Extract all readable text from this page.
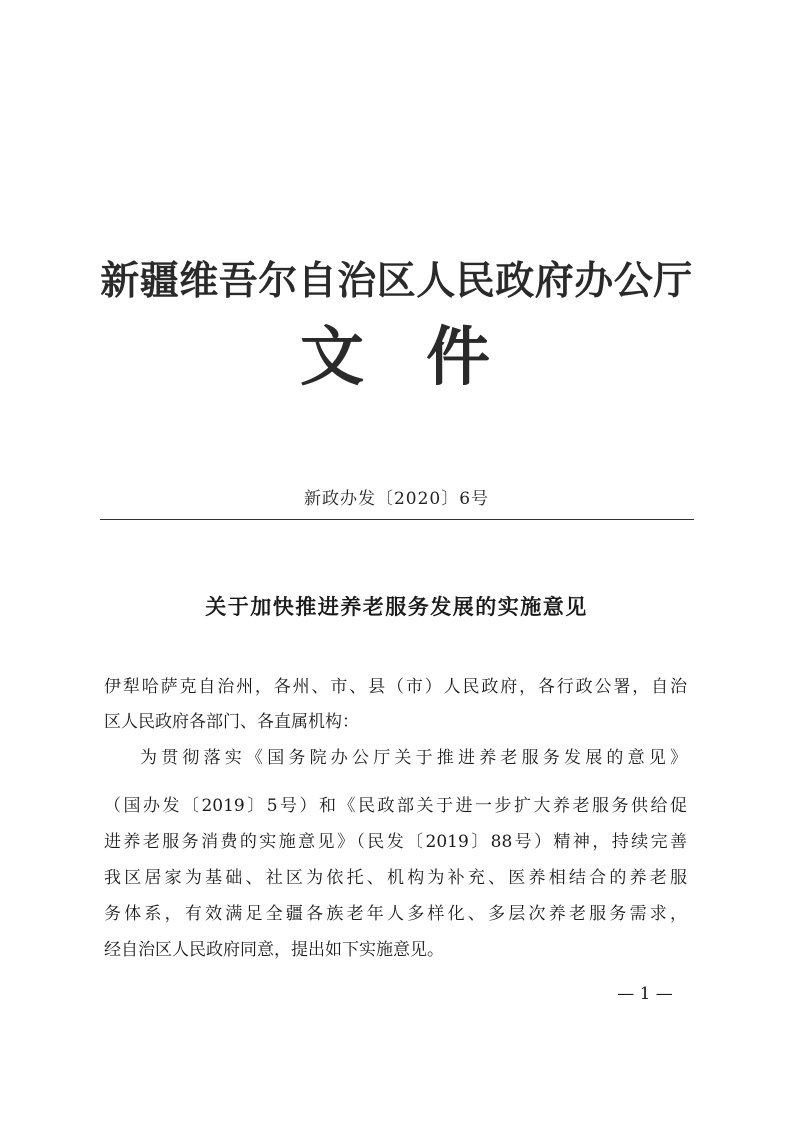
新疆维吾尔自治区人民政府办公厅
文 件
新政办发〔2020〕6号
关于加快推进养老服务发展的实施意见
伊犁哈萨克自治州，各州、市、县（市）人民政府，各行政公署，自治
区人民政府各部门、各直属机构：
为贯彻落实《国务院办公厅关于推进养老服务发展的意见》
（国办发〔2019〕5号）和《民政部关于进一步扩大养老服务供给促
进养老服务消费的实施意见》（民发〔2019〕88号）精神，持续完善
我区居家为基础、社区为依托、机构为补充、医养相结合的养老服
务体系，有效满足全疆各族老年人多样化、多层次养老服务需求，
经自治区人民政府同意，提出如下实施意见。
— 1 —
